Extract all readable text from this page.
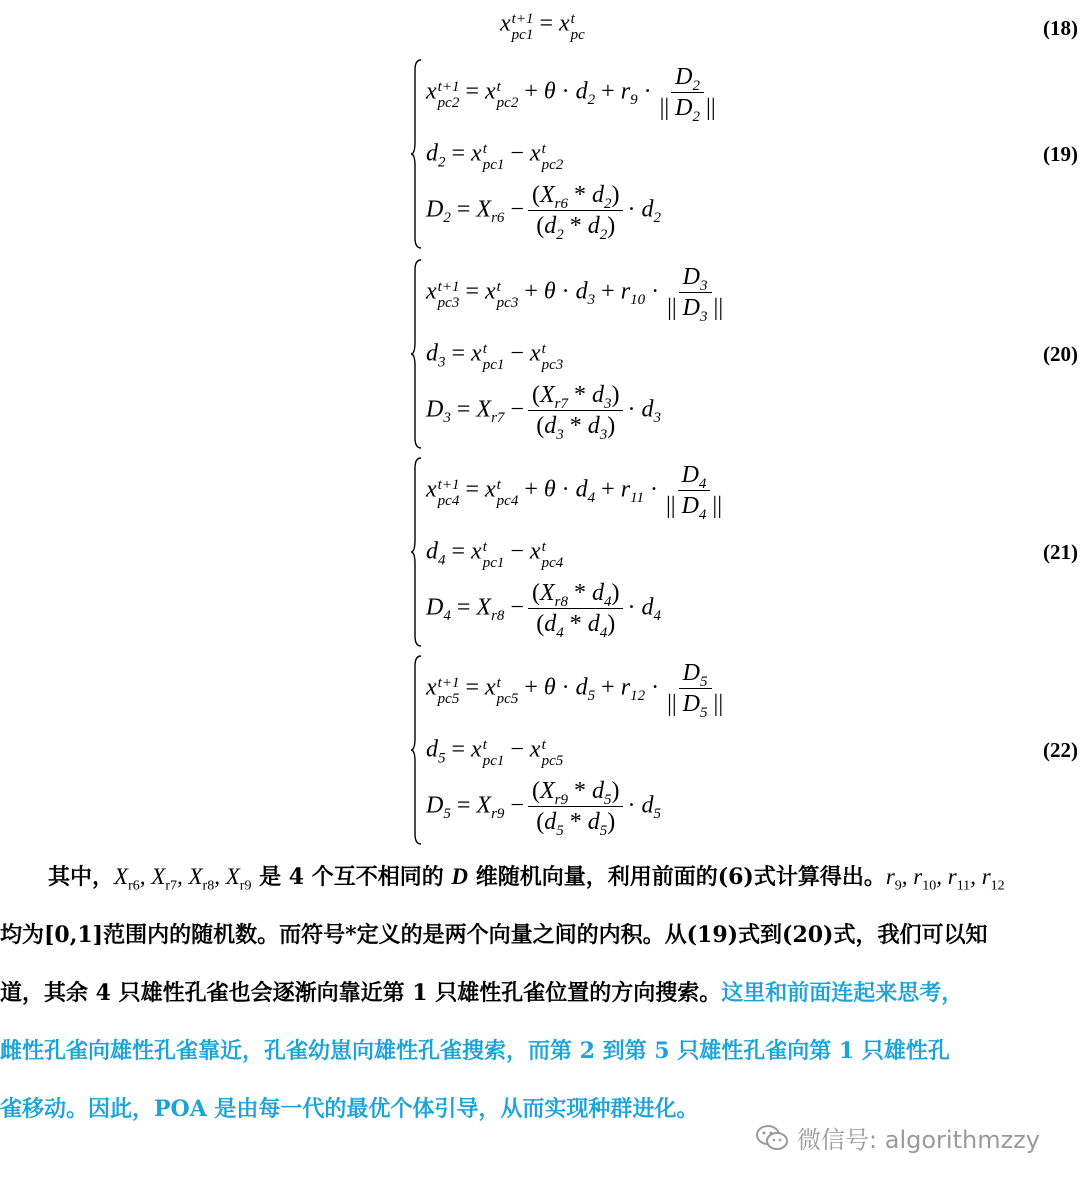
x t+1
pc1 = x t
pc	(18)
x t+1
pc2 = x t
$pc2 + \theta \cdot d_2 + r_9 \cdot \frac{D_2}{|| D_2 ||}$
$d_2 = x$ t
pc1 − x t
pc2
$D_2 = X_{r6} - \frac{(X_{r6} * d_2)}{(d_2 * d_2)} \cdot d_2$
(19)
x t+1
pc3 = x t
$pc3 + \theta \cdot d_3 + r_{10} \cdot \frac{D_3}{|| D_3 ||}$
$d_3 = x$ t
pc1 − x t
pc3
$D_3 = X_{r7} - \frac{(X_{r7} * d_3)}{(d_3 * d_3)} \cdot d_3$
(20)
x t+1
pc4 = x t
$pc4 + \theta \cdot d_4 + r_{11} \cdot \frac{D_4}{|| D_4 ||}$
$d_4 = x$ t
pc1 − x t
pc4
$D_4 = X_{r8} - \frac{(X_{r8} * d_4)}{(d_4 * d_4)} \cdot d_4$
(21)
x t+1
pc5 = x t
$pc5 + \theta \cdot d_5 + r_{12} \cdot \frac{D_5}{|| D_5 ||}$
$d_5 = x$ t
pc1 − x t
pc5
$D_5 = X_{r9} - \frac{(X_{r9} * d_5)}{(d_5 * d_5)} \cdot d_5$
(22)
其中，$X_{r6}$, $X_{r7}$, $X_{r8}$, $X_{r9}$ 是 4 个互不相同的 D 维随机向量，利用前面的(6)式计算得出。$r_9$, $r_{10}$, $r_{11}$, $r_{12}$
均为[0,1]范围内的随机数。而符号*定义的是两个向量之间的内积。从(19)式到(20)式，我们可以知
道，其余 4 只雄性孔雀也会逐渐向靠近第 1 只雄性孔雀位置的方向搜索。这里和前面连起来思考，
雌性孔雀向雄性孔雀靠近，孔雀幼崽向雄性孔雀搜索，而第 2 到第 5 只雄性孔雀向第 1 只雄性孔
雀移动。因此，POA 是由每一代的最优个体引导，从而实现种群进化。
微信号: algorithmzzy
